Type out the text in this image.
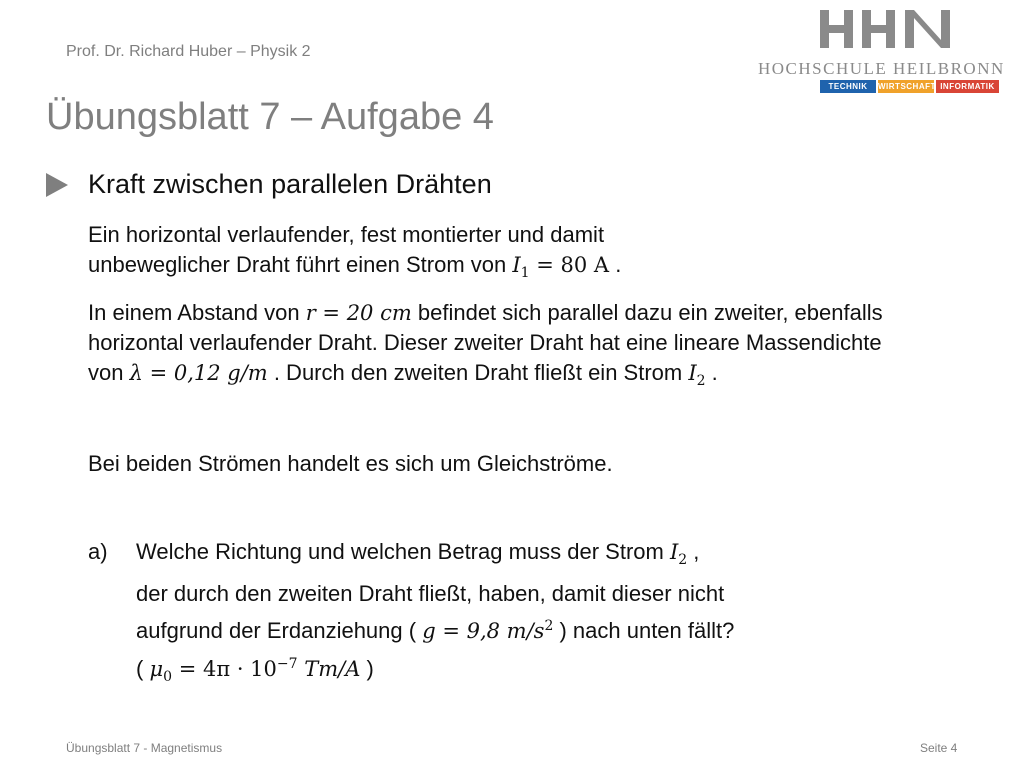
Prof. Dr. Richard Huber – Physik 2
HOCHSCHULE HEILBRONN
TECHNIK	WIRTSCHAFT INFORMATIK
Übungsblatt 7 – Aufgabe 4
Kraft zwischen parallelen Drähten
Ein horizontal verlaufender, fest montierter und damit
unbeweglicher Draht führt einen Strom von $I_1 = 80$ A .
In einem Abstand von r = 20 cm befindet sich parallel dazu ein zweiter, ebenfalls horizontal verlaufender Draht. Dieser zweiter Draht hat eine lineare Massendichte von λ = 0,12 g/m . Durch den zweiten Draht fließt ein Strom $I_2$ .
Bei beiden Strömen handelt es sich um Gleichströme.
a) Welche Richtung und welchen Betrag muss der Strom $I_2$ ,
der durch den zweiten Draht fließt, haben, damit dieser nicht
aufgrund der Erdanziehung ( g = 9,8 $m/s^2$ ) nach unten fällt?
( $\mu_0 = 4\pi \cdot 10^{-7}$ Tm/A )
Übungsblatt 7 - Magnetismus	Seite 4
